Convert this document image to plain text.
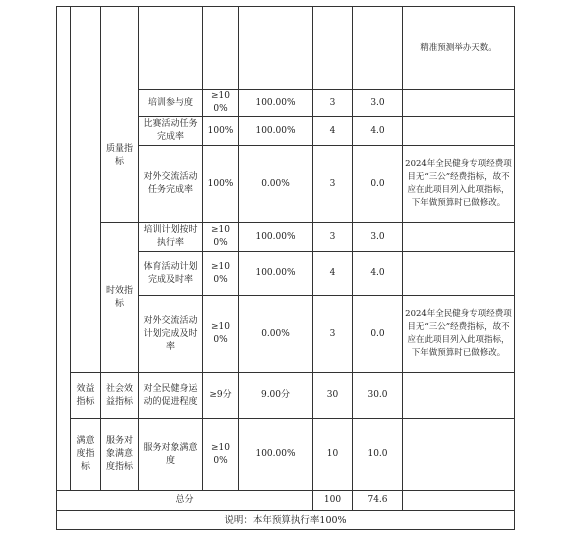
								精准预测举办天数。
		质量指标	培训参与度	≥100%	100.00%	3	3.0	
			比赛活动任务完成率	100%	100.00%	4	4.0	
			对外交流活动任务完成率	100%	0.00%	3	0.0	2024年全民健身专项经费项目无“三公”经费指标，故不应在此项目列入此项指标，下年做预算时已做修改。
		时效指标	培训计划按时执行率	≥100%	100.00%	3	3.0	
			体育活动计划完成及时率	≥100%	100.00%	4	4.0	
			对外交流活动计划完成及时率	≥100%	0.00%	3	0.0	2024年全民健身专项经费项目无“三公”经费指标，故不应在此项目列入此项指标，下年做预算时已做修改。
	效益指标	社会效益指标	对全民健身运动的促进程度	≥9分	9.00分	30	30.0	
	满意度指标	服务对象满意度指标	服务对象满意度	≥100%	100.00%	10	10.0	
总分						100	74.6	
说明：本年预算执行率100%								
